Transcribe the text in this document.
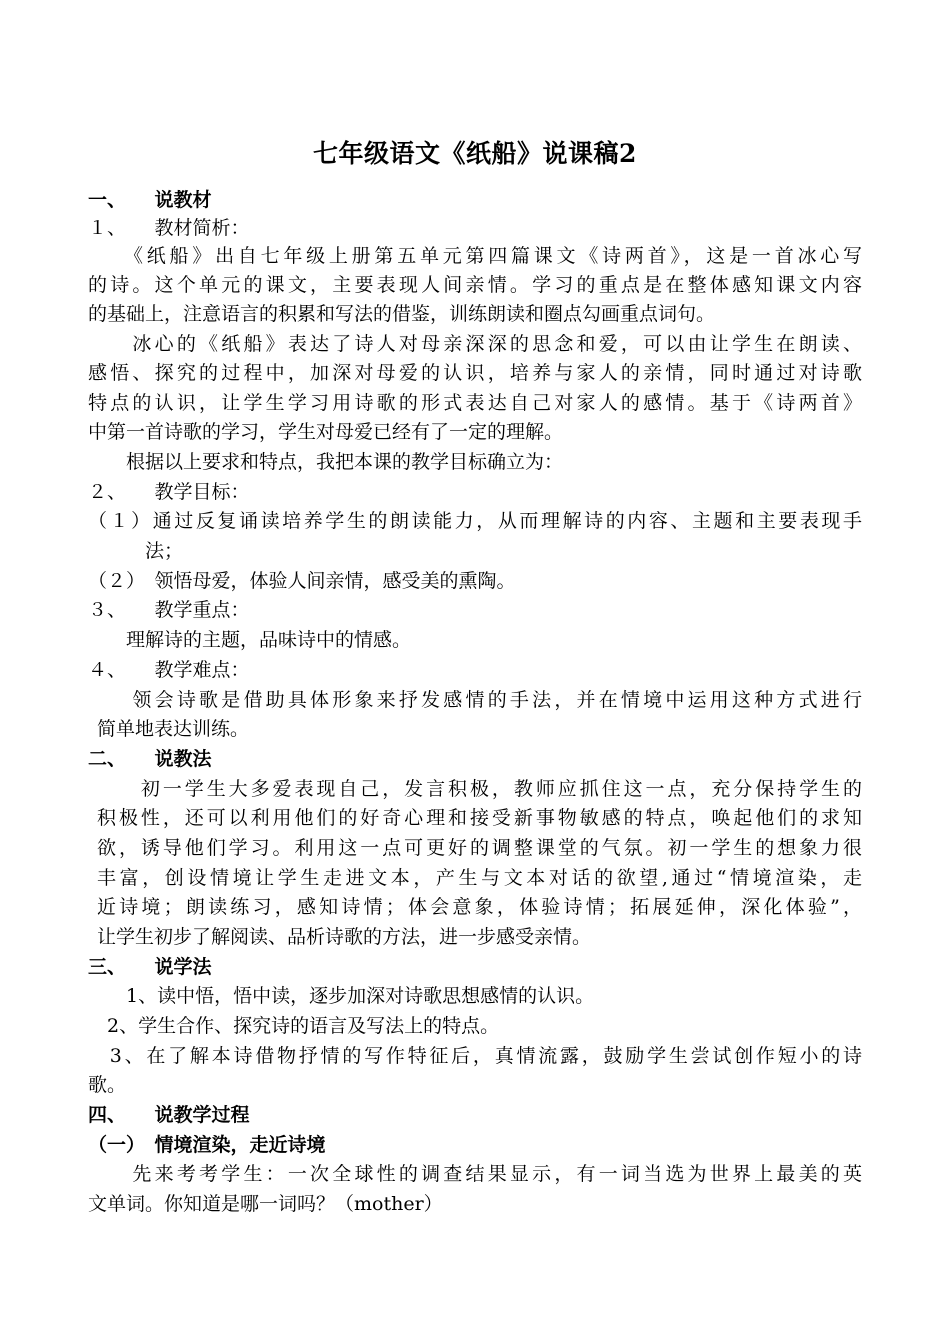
七年级语文《纸船》说课稿2
一、　　说教材
１、　　教材简析：
　　《纸船》出自七年级上册第五单元第四篇课文《诗两首》，这是一首冰心写
的诗。这个单元的课文，主要表现人间亲情。学习的重点是在整体感知课文内容
的基础上，注意语言的积累和写法的借鉴，训练朗读和圈点勾画重点词句。
　　冰心的《纸船》表达了诗人对母亲深深的思念和爱，可以由让学生在朗读、
感悟、探究的过程中，加深对母爱的认识，培养与家人的亲情，同时通过对诗歌
特点的认识，让学生学习用诗歌的形式表达自己对家人的感情。基于《诗两首》
中第一首诗歌的学习，学生对母爱已经有了一定的理解。
　　根据以上要求和特点，我把本课的教学目标确立为：
２、　　教学目标：
（１）通过反复诵读培养学生的朗读能力，从而理解诗的内容、主题和主要表现手
　　　法；
（２）　领悟母爱，体验人间亲情，感受美的熏陶。
３、　　教学重点：
　　理解诗的主题，品味诗中的情感。
４、　　教学难点：
　　领会诗歌是借助具体形象来抒发感情的手法，并在情境中运用这种方式进行
简单地表达训练。
二、　　说教法
　　初一学生大多爱表现自己，发言积极，教师应抓住这一点，充分保持学生的
积极性，还可以利用他们的好奇心理和接受新事物敏感的特点，唤起他们的求知
欲，诱导他们学习。利用这一点可更好的调整课堂的气氛。初一学生的想象力很
丰富，创设情境让学生走进文本，产生与文本对话的欲望,通过“情境渲染，走
近诗境；朗读练习，感知诗情；体会意象，体验诗情；拓展延伸，深化体验”，
让学生初步了解阅读、品析诗歌的方法，进一步感受亲情。
三、　　说学法
　　1、读中悟，悟中读，逐步加深对诗歌思想感情的认识。
　2、学生合作、探究诗的语言及写法上的特点。
　3、在了解本诗借物抒情的写作特征后，真情流露，鼓励学生尝试创作短小的诗
歌。
四、　　说教学过程
（一）　情境渲染，走近诗境
　　先来考考学生：一次全球性的调查结果显示，有一词当选为世界上最美的英
文单词。你知道是哪一词吗？（mother）
